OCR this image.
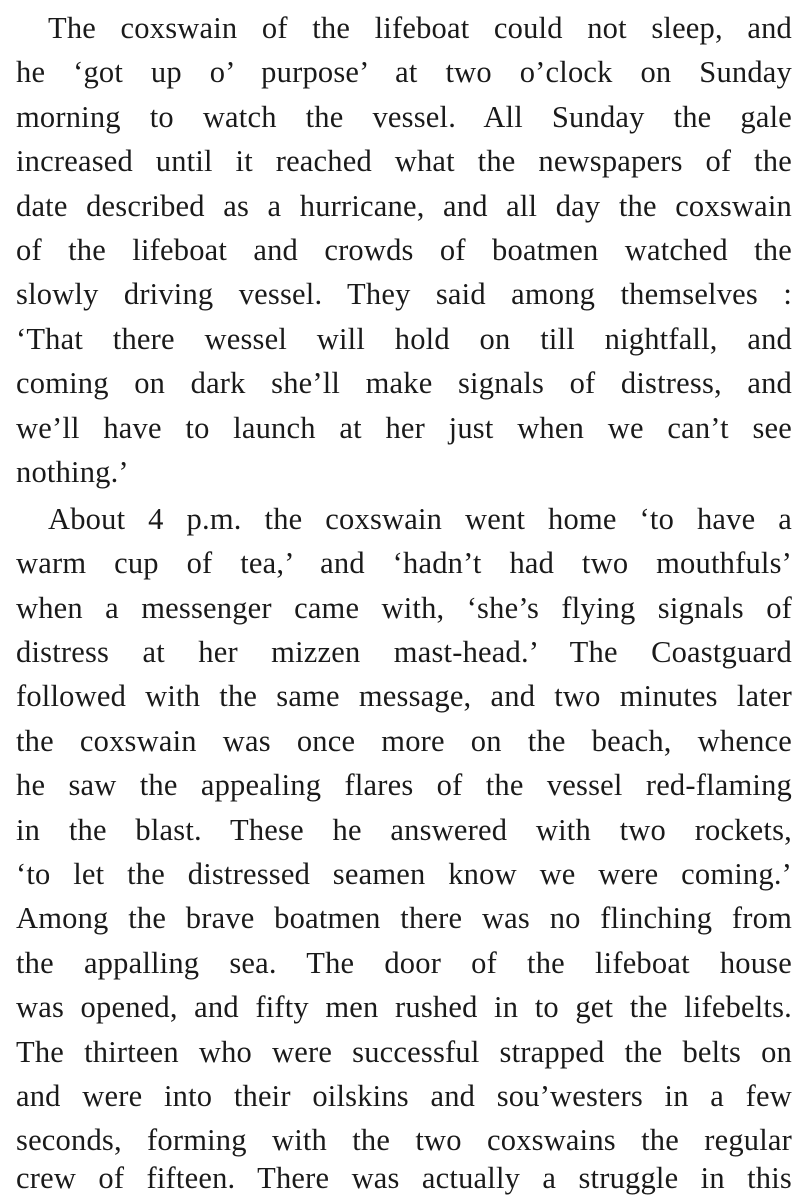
The coxswain of the lifeboat could not sleep, and
he ‘got up o’ purpose’ at two o’clock on Sunday
morning to watch the vessel. All Sunday the gale
increased until it reached what the newspapers of the
date described as a hurricane, and all day the coxswain
of the lifeboat and crowds of boatmen watched the
slowly driving vessel. They said among themselves :
‘That there wessel will hold on till nightfall, and
coming on dark she’ll make signals of distress, and
we’ll have to launch at her just when we can’t see
nothing.’
About 4 p.m. the coxswain went home ‘to have a
warm cup of tea,’ and ‘hadn’t had two mouthfuls’
when a messenger came with, ‘she’s flying signals of
distress at her mizzen mast-head.’ The Coastguard
followed with the same message, and two minutes later
the coxswain was once more on the beach, whence
he saw the appealing flares of the vessel red-flaming
in the blast. These he answered with two rockets,
‘to let the distressed seamen know we were coming.’
Among the brave boatmen there was no flinching from
the appalling sea. The door of the lifeboat house
was opened, and fifty men rushed in to get the lifebelts.
The thirteen who were successful strapped the belts on
and were into their oilskins and sou’westers in a few
seconds, forming with the two coxswains the regular
crew of fifteen. There was actually a struggle in this
